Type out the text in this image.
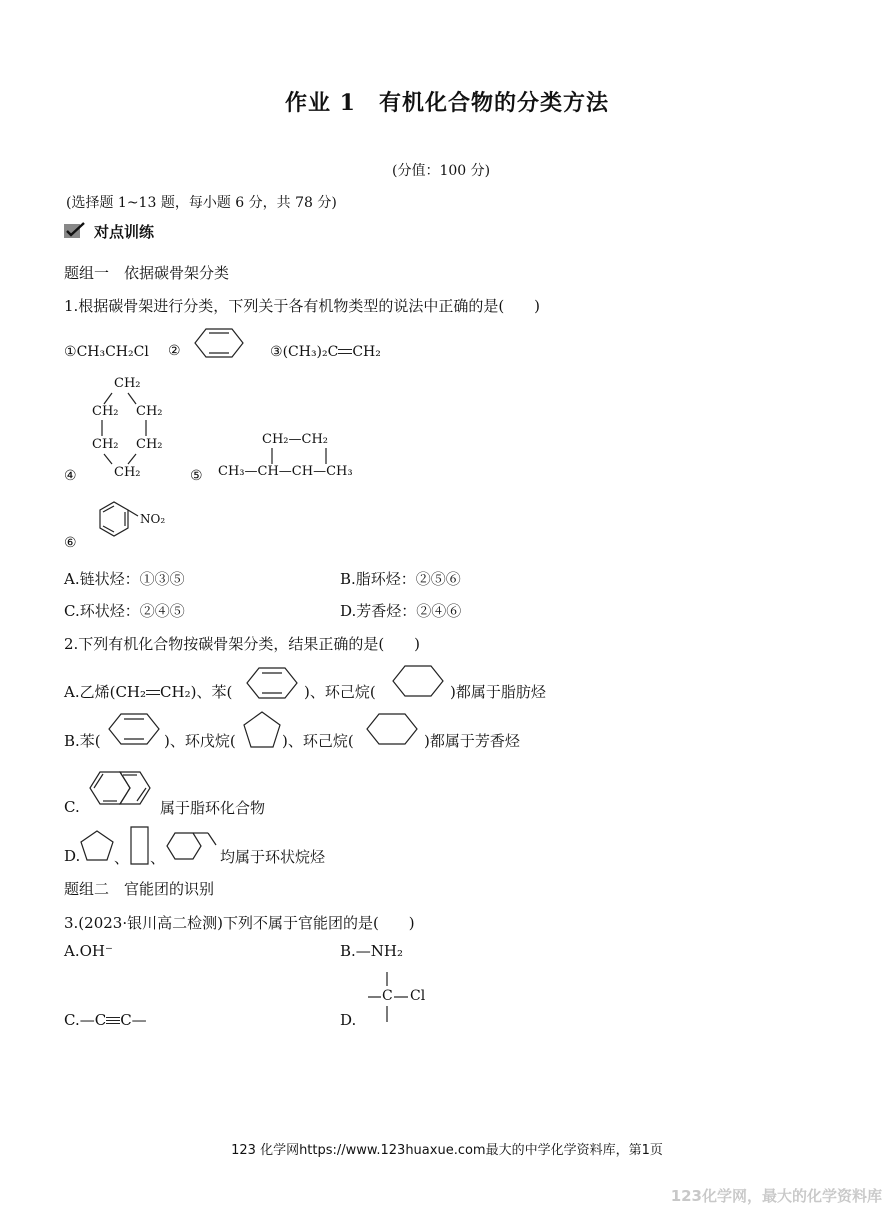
作业 1　有机化合物的分类方法
(分值：100 分)
(选择题 1~13 题，每小题 6 分，共 78 分)
对点训练
题组一　依据碳骨架分类
1.根据碳骨架进行分类，下列关于各有机物类型的说法中正确的是(　　)
①CH₃CH₂Cl ②	③(CH₃)₂C CH₂
CH₂
CH₂ CH₂
CH₂ CH₂
CH₂
④	⑤
CH₂—CH₂
CH₃—CH—CH—CH₃
NO₂
⑥
A.链状烃：①③⑤	B.脂环烃：②⑤⑥
C.环状烃：②④⑤	D.芳香烃：②④⑥
2.下列有机化合物按碳骨架分类，结果正确的是(　　)
A.乙烯(CH₂ CH₂)、苯(	)、环己烷(	)都属于脂肪烃
B.苯(	)、环戊烷(	)、环己烷(	)都属于芳香烃
C.	属于脂环化合物
D. 、 、	均属于环状烷烃
题组二　官能团的识别
3.(2023·银川高二检测)下列不属于官能团的是(　　)
A.OH⁻	B.—NH₂
C.—C C—	D.
C Cl
123 化学网https://www.123huaxue.com最大的中学化学资料库，第1页
123化学网，最大的化学资料库
